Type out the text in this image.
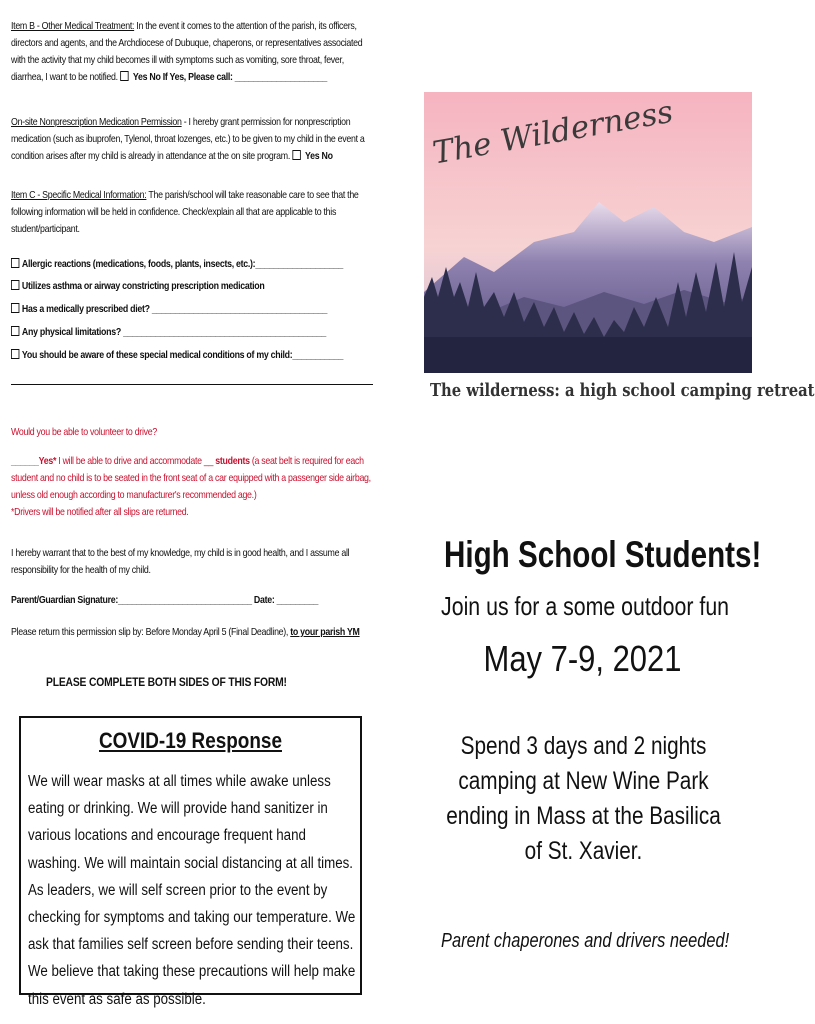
Item B - Other Medical Treatment: In the event it comes to the attention of the parish, its officers, directors and agents, and the Archdiocese of Dubuque, chaperons, or representatives associated with the activity that my child becomes ill with symptoms such as vomiting, sore throat, fever, diarrhea, I want to be notified.  Yes No If Yes, Please call: ____________________
On-site Nonprescription Medication Permission - I hereby grant permission for nonprescription medication (such as ibuprofen, Tylenol, throat lozenges, etc.) to be given to my child in the event a condition arises after my child is already in attendance at the on site program.  Yes No
Item C - Specific Medical Information: The parish/school will take reasonable care to see that the following information will be held in confidence. Check/explain all that are applicable to this student/participant.
Allergic reactions (medications, foods, plants, insects, etc.):___________________
Utilizes asthma or airway constricting prescription medication
Has a medically prescribed diet? ______________________________________
Any physical limitations? ____________________________________________
You should be aware of these special medical conditions of my child:___________
Would you be able to volunteer to drive?
______Yes* I will be able to drive and accommodate __ students (a seat belt is required for each student and no child is to be seated in the front seat of a car equipped with a passenger side airbag, unless old enough according to manufacturer's recommended age.)
*Drivers will be notified after all slips are returned.
I hereby warrant that to the best of my knowledge, my child is in good health, and I assume all responsibility for the health of my child.
Parent/Guardian Signature:_____________________________ Date: _________
Please return this permission slip by: Before Monday April 5 (Final Deadline), to your parish YM
PLEASE COMPLETE BOTH SIDES OF THIS FORM!
COVID-19 Response
We will wear masks at all times while awake unless eating or drinking. We will provide hand sanitizer in various locations and encourage frequent hand washing. We will maintain social distancing at all times. As leaders, we will self screen prior to the event by checking for symptoms and taking our temperature. We ask that families self screen before sending their teens. We believe that taking these precautions will help make this event as safe as possible.
The Wilderness
The wilderness: a high school camping retreat
High School Students!
Join us for a some outdoor fun
May 7-9, 2021
Spend 3 days and 2 nights camping at New Wine Park ending in Mass at the Basilica of St. Xavier.
Parent chaperones and drivers needed!
